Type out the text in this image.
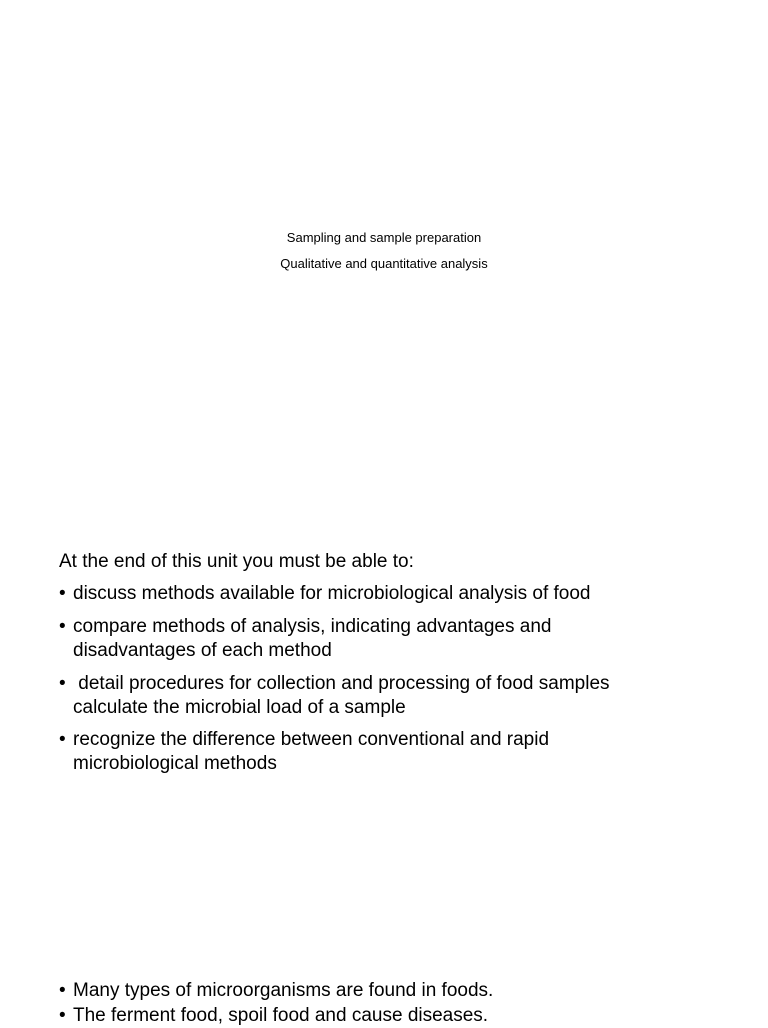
Sampling and sample preparation
Qualitative and quantitative analysis
At the end of this unit you must be able to:
• discuss methods available for microbiological analysis of food
• compare methods of analysis, indicating advantages and
disadvantages of each method
• detail procedures for collection and processing of food samples
calculate the microbial load of a sample
• recognize the difference between conventional and rapid
microbiological methods
• Many types of microorganisms are found in foods.
• The ferment food, spoil food and cause diseases.
